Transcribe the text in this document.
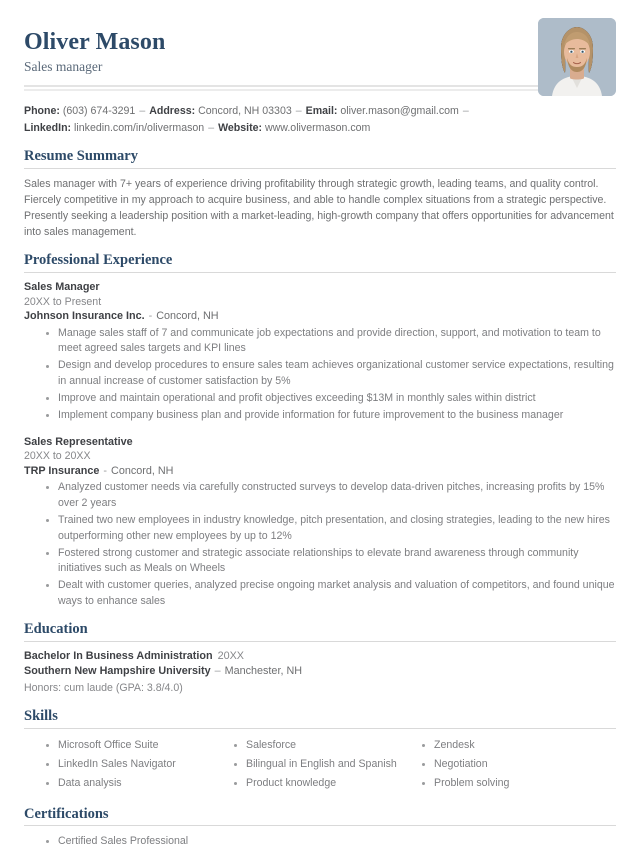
Oliver Mason
Sales manager
Phone: (603) 674-3291 – Address: Concord, NH 03303 – Email: oliver.mason@gmail.com –
LinkedIn: linkedin.com/in/olivermason – Website: www.olivermason.com
Resume Summary
Sales manager with 7+ years of experience driving profitability through strategic growth, leading teams, and quality control. Fiercely competitive in my approach to acquire business, and able to handle complex situations from a strategic perspective. Presently seeking a leadership position with a market-leading, high-growth company that offers opportunities for advancement into sales management.
Professional Experience
Sales Manager
20XX to Present
Johnson Insurance Inc. - Concord, NH
Manage sales staff of 7 and communicate job expectations and provide direction, support, and motivation to team to meet agreed sales targets and KPI lines
Design and develop procedures to ensure sales team achieves organizational customer service expectations, resulting in annual increase of customer satisfaction by 5%
Improve and maintain operational and profit objectives exceeding $13M in monthly sales within district
Implement company business plan and provide information for future improvement to the business manager
Sales Representative
20XX to 20XX
TRP Insurance - Concord, NH
Analyzed customer needs via carefully constructed surveys to develop data-driven pitches, increasing profits by 15% over 2 years
Trained two new employees in industry knowledge, pitch presentation, and closing strategies, leading to the new hires outperforming other new employees by up to 12%
Fostered strong customer and strategic associate relationships to elevate brand awareness through community initiatives such as Meals on Wheels
Dealt with customer queries, analyzed precise ongoing market analysis and valuation of competitors, and found unique ways to enhance sales
Education
Bachelor In Business Administration 20XX
Southern New Hampshire University – Manchester, NH
Honors: cum laude (GPA: 3.8/4.0)
Skills
Microsoft Office Suite	Salesforce	Zendesk
LinkedIn Sales Navigator	Bilingual in English and Spanish	Negotiation
Data analysis	Product knowledge	Problem solving
Certifications
Certified Sales Professional
